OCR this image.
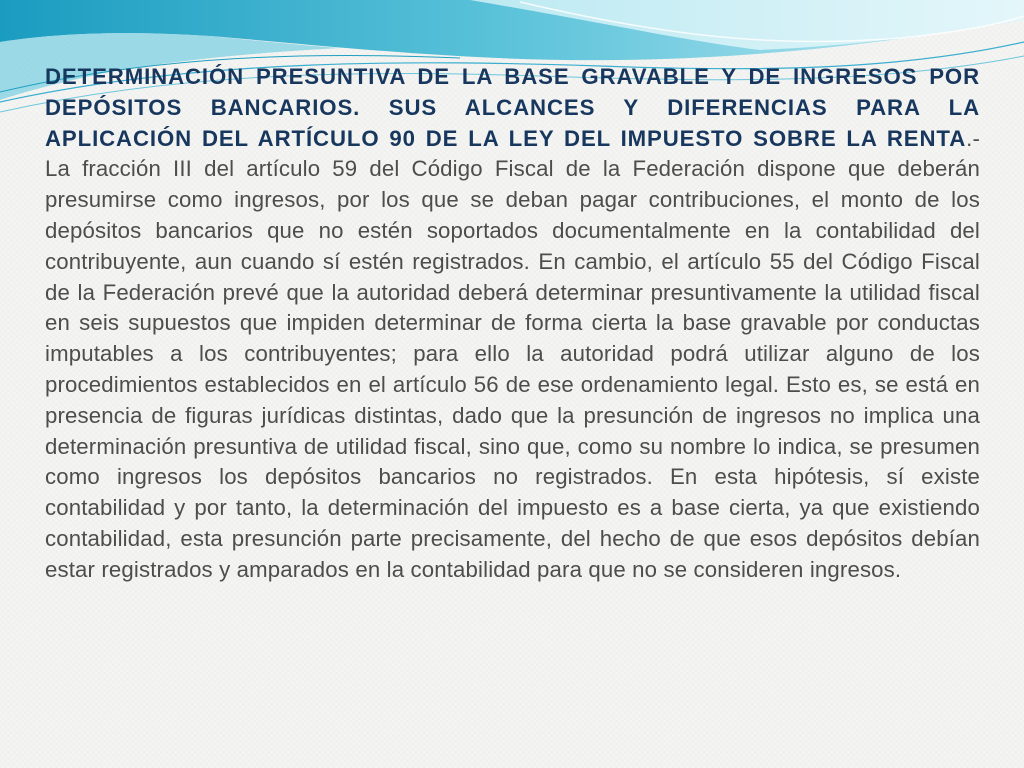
DETERMINACIÓN PRESUNTIVA DE LA BASE GRAVABLE Y DE INGRESOS POR DEPÓSITOS BANCARIOS. SUS ALCANCES Y DIFERENCIAS PARA LA APLICACIÓN DEL ARTÍCULO 90 DE LA LEY DEL IMPUESTO SOBRE LA RENTA.- La fracción III del artículo 59 del Código Fiscal de la Federación dispone que deberán presumirse como ingresos, por los que se deban pagar contribuciones, el monto de los depósitos bancarios que no estén soportados documentalmente en la contabilidad del contribuyente, aun cuando sí estén registrados. En cambio, el artículo 55 del Código Fiscal de la Federación prevé que la autoridad deberá determinar presuntivamente la utilidad fiscal en seis supuestos que impiden determinar de forma cierta la base gravable por conductas imputables a los contribuyentes; para ello la autoridad podrá utilizar alguno de los procedimientos establecidos en el artículo 56 de ese ordenamiento legal. Esto es, se está en presencia de figuras jurídicas distintas, dado que la presunción de ingresos no implica una determinación presuntiva de utilidad fiscal, sino que, como su nombre lo indica, se presumen como ingresos los depósitos bancarios no registrados. En esta hipótesis, sí existe contabilidad y por tanto, la determinación del impuesto es a base cierta, ya que existiendo contabilidad, esta presunción parte precisamente, del hecho de que esos depósitos debían estar registrados y amparados en la contabilidad para que no se consideren ingresos.
